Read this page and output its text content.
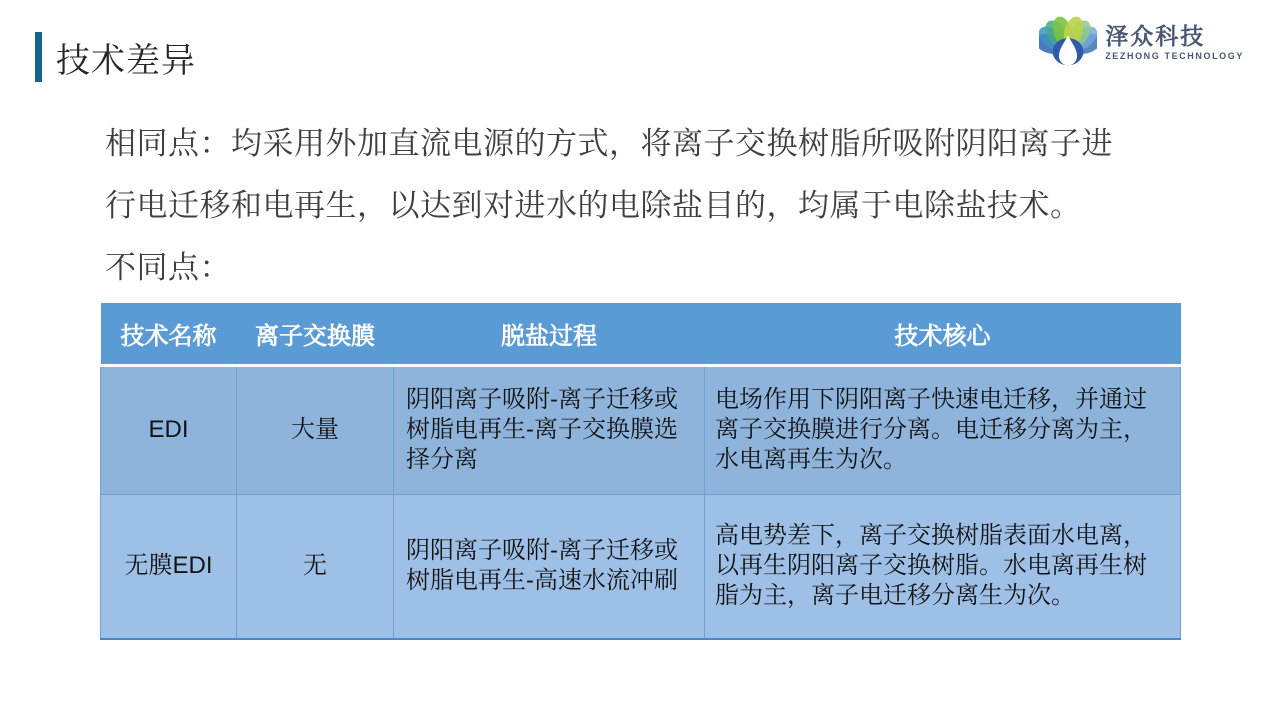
技术差异
泽众科技
ZEZHONG TECHNOLOGY
相同点：均采用外加直流电源的方式，将离子交换树脂所吸附阴阳离子进
行电迁移和电再生，以达到对进水的电除盐目的，均属于电除盐技术。
不同点：
技术名称	离子交换膜	脱盐过程	技术核心
EDI	大量	阴阳离子吸附-离子迁移或树脂电再生-离子交换膜选择分离	电场作用下阴阳离子快速电迁移，并通过离子交换膜进行分离。电迁移分离为主，水电离再生为次。
无膜EDI	无	阴阳离子吸附-离子迁移或树脂电再生-高速水流冲刷	高电势差下，离子交换树脂表面水电离，以再生阴阳离子交换树脂。水电离再生树脂为主，离子电迁移分离生为次。
